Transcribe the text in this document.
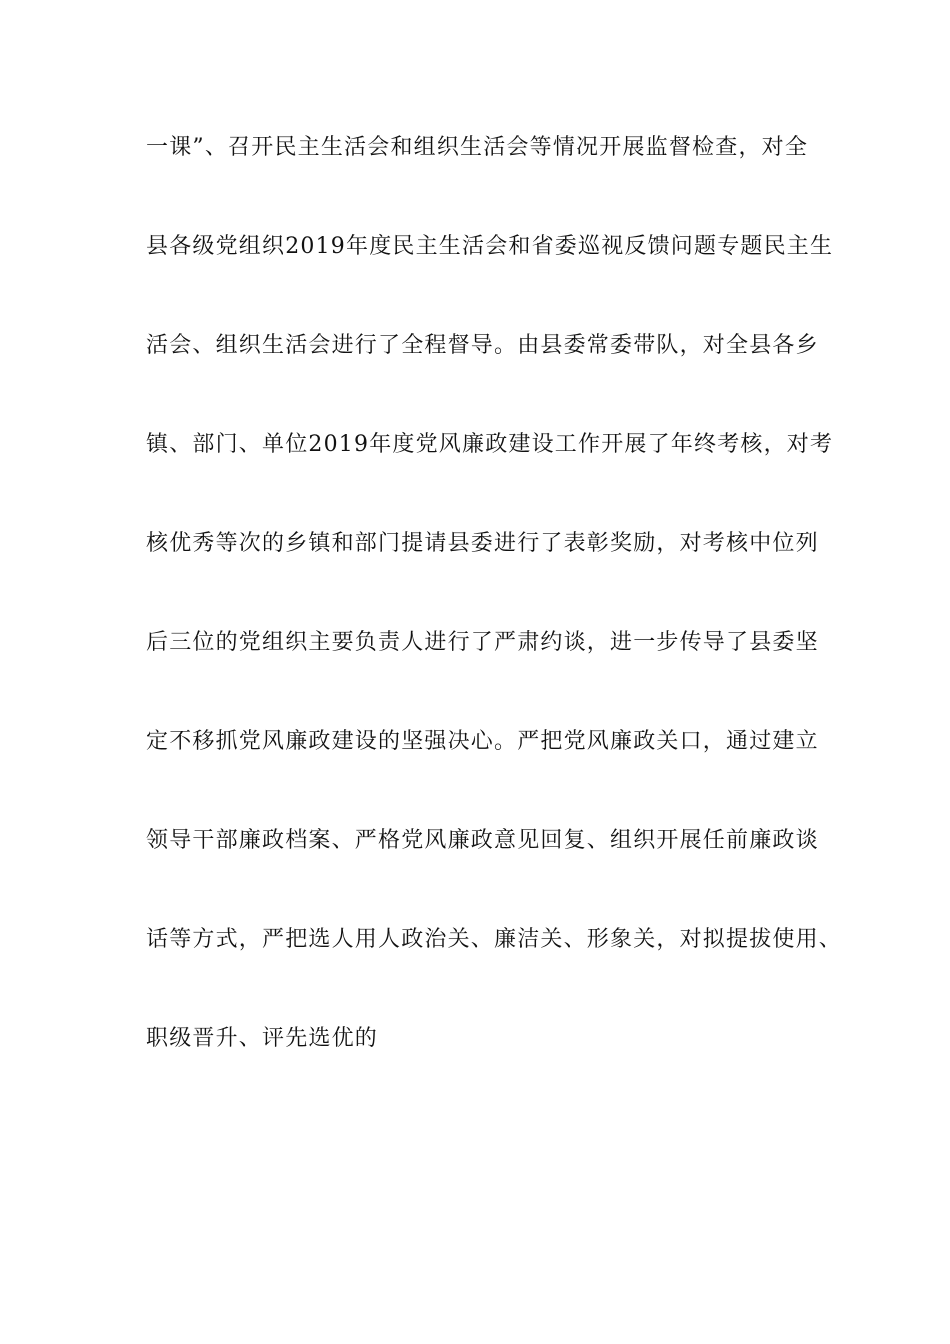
一课”、召开民主生活会和组织生活会等情况开展监督检查，对全
县各级党组织2019年度民主生活会和省委巡视反馈问题专题民主生
活会、组织生活会进行了全程督导。由县委常委带队，对全县各乡
镇、部门、单位2019年度党风廉政建设工作开展了年终考核，对考
核优秀等次的乡镇和部门提请县委进行了表彰奖励，对考核中位列
后三位的党组织主要负责人进行了严肃约谈，进一步传导了县委坚
定不移抓党风廉政建设的坚强决心。严把党风廉政关口，通过建立
领导干部廉政档案、严格党风廉政意见回复、组织开展任前廉政谈
话等方式，严把选人用人政治关、廉洁关、形象关，对拟提拔使用、
职级晋升、评先选优的
